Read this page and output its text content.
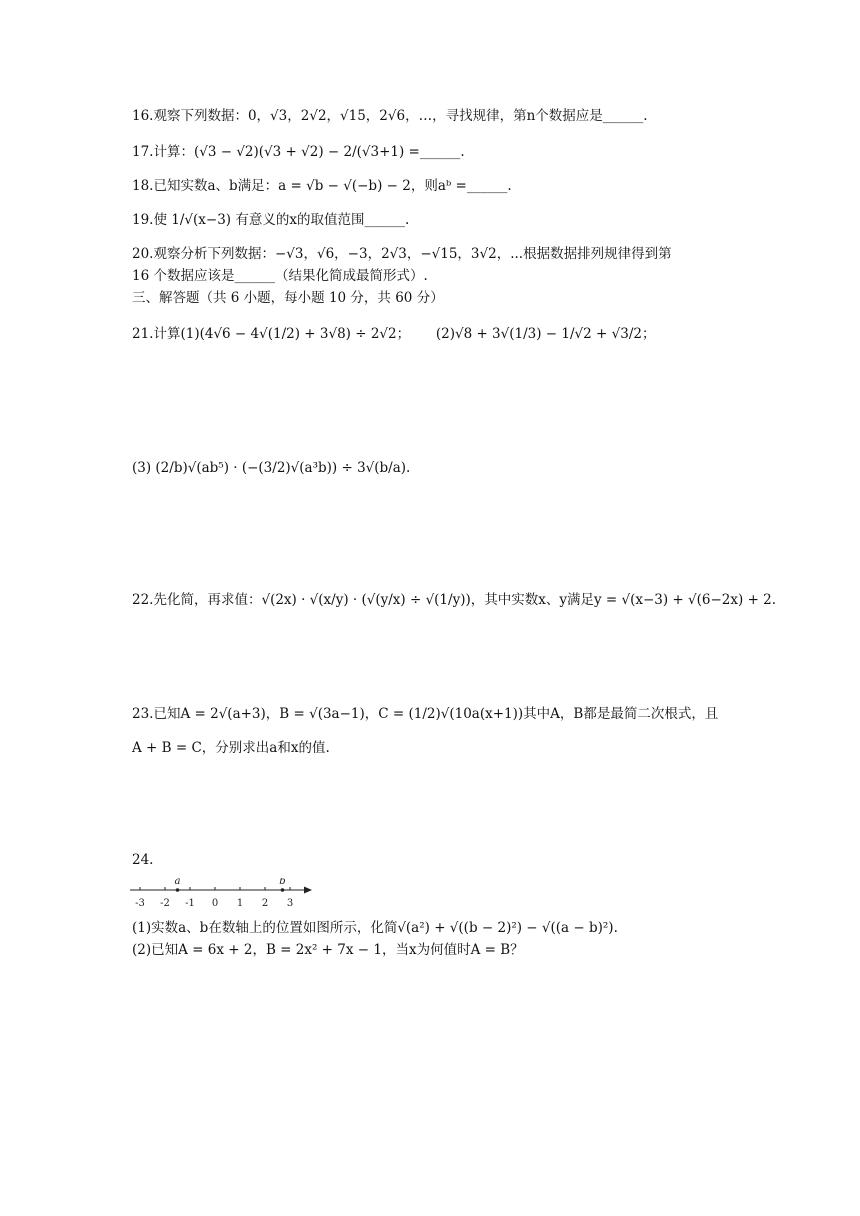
16.观察下列数据：0，√3，2√2，√15，2√6，…，寻找规律，第n个数据应是______.
17.计算：(√3 − √2)(√3 + √2) − 2/(√3+1) =______.
18.已知实数a、b满足：a = √b − √(−b) − 2，则aᵇ =______.
19.使 1/√(x−3) 有意义的x的取值范围______.
20.观察分析下列数据：−√3，√6，−3，2√3，−√15，3√2，...根据数据排列规律得到第
16 个数据应该是______（结果化简成最简形式）.
三、解答题（共 6 小题，每小题 10 分，共 60 分）
21.计算(1)(4√6 − 4√(1/2) + 3√8) ÷ 2√2；      (2)√8 + 3√(1/3) − 1/√2 + √3/2；
(3) (2/b)√(ab⁵) · (−(3/2)√(a³b)) ÷ 3√(b/a).
22.先化简，再求值：√(2x) · √(x/y) · (√(y/x) ÷ √(1/y))，其中实数x、y满足y = √(x−3) + √(6−2x) + 2.
23.已知A = 2√(a+3)，B = √(3a−1)，C = (1/2)√(10a(x+1))其中A，B都是最简二次根式，且
A + B = C，分别求出a和x的值.
24.
-3 -2 -1 0 1 2 3
a	b
(1)实数a、b在数轴上的位置如图所示，化简√(a²) + √((b − 2)²) − √((a − b)²).
(2)已知A = 6x + 2，B = 2x² + 7x − 1，当x为何值时A = B？
